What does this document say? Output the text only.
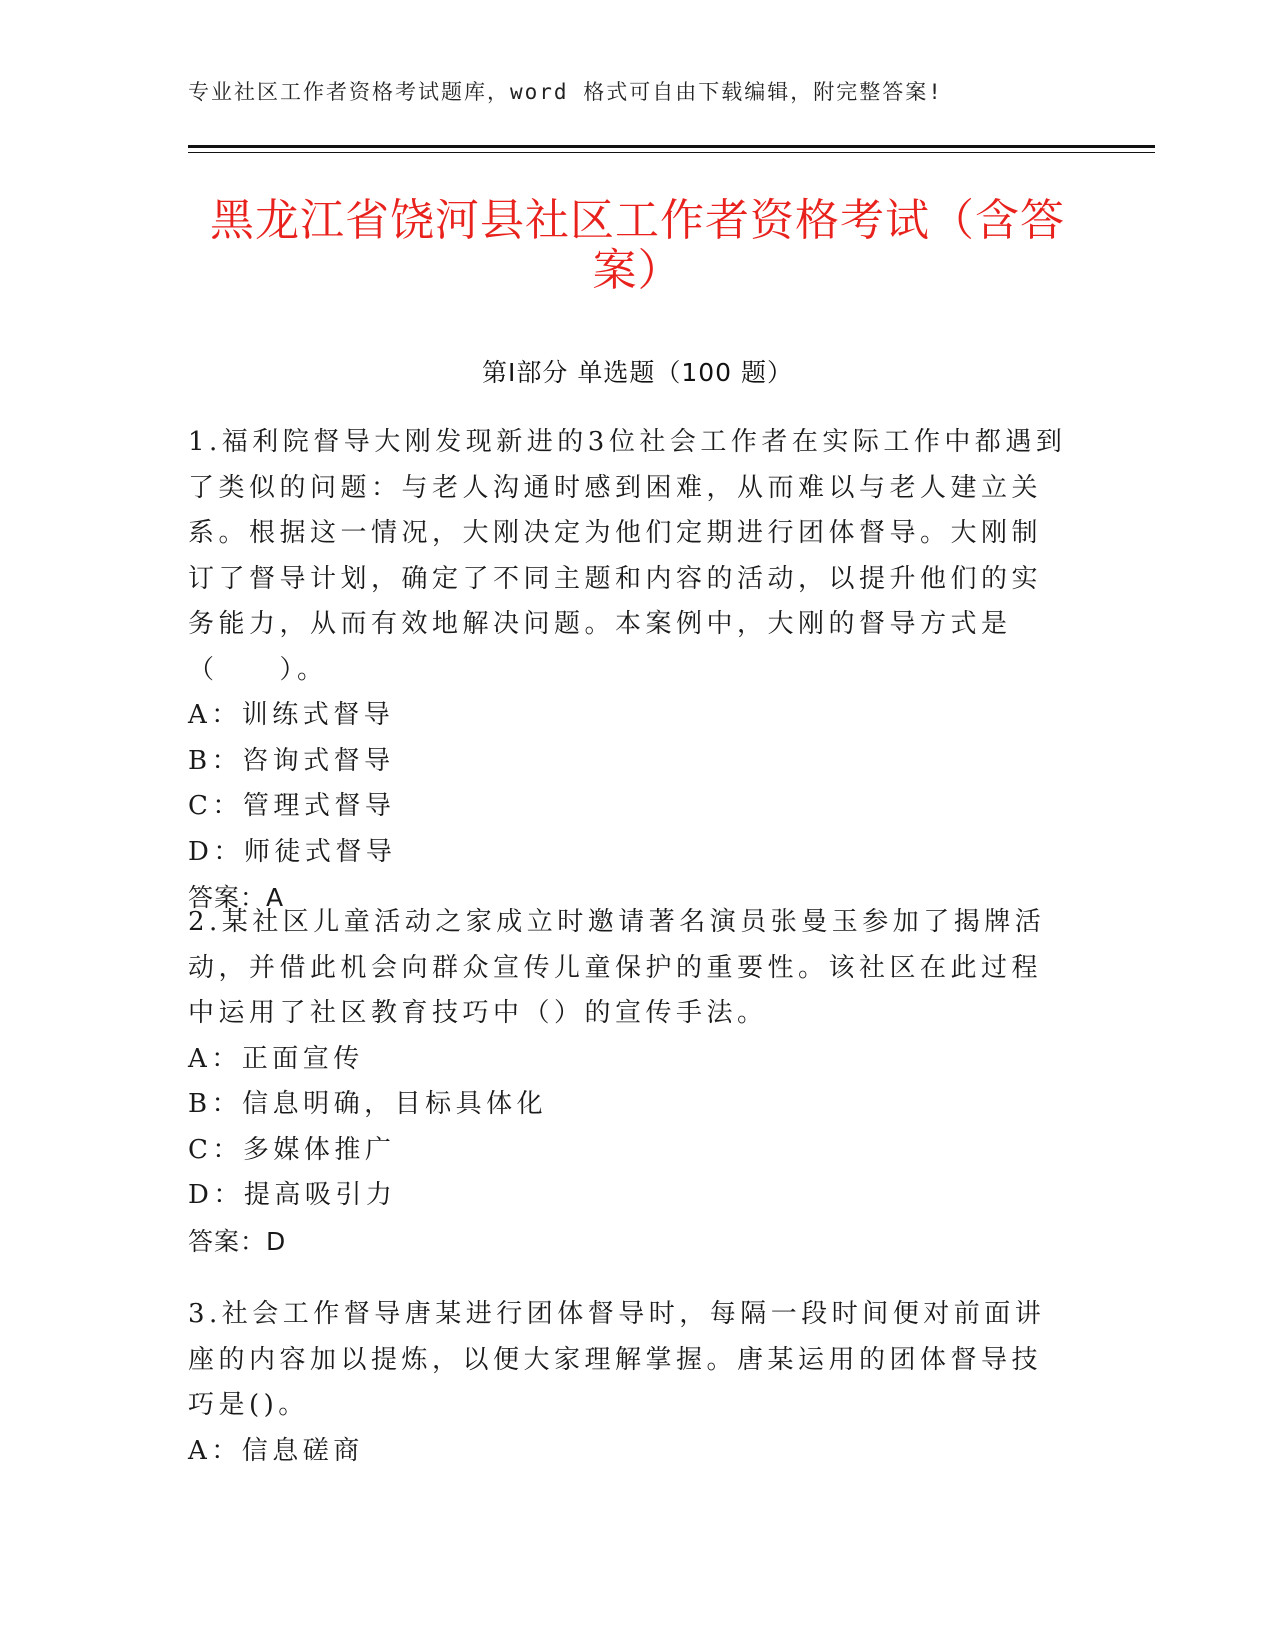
专业社区工作者资格考试题库，word 格式可自由下载编辑，附完整答案!
黑龙江省饶河县社区工作者资格考试（含答案）
第Ⅰ部分 单选题（100 题）

1.福利院督导大刚发现新进的3位社会工作者在实际工作中都遇到了类似的问题：与老人沟通时感到困难，从而难以与老人建立关系。根据这一情况，大刚决定为他们定期进行团体督导。大刚制订了督导计划，确定了不同主题和内容的活动，以提升他们的实务能力，从而有效地解决问题。本案例中，大刚的督导方式是（　　）。

A：训练式督导

B：咨询式督导

C：管理式督导

D：师徒式督导

答案：A

2.某社区儿童活动之家成立时邀请著名演员张曼玉参加了揭牌活动，并借此机会向群众宣传儿童保护的重要性。该社区在此过程中运用了社区教育技巧中（）的宣传手法。

A：正面宣传

B：信息明确，目标具体化

C：多媒体推广

D：提高吸引力

答案：D

3.社会工作督导唐某进行团体督导时，每隔一段时间便对前面讲座的内容加以提炼，以便大家理解掌握。唐某运用的团体督导技巧是()。

A：信息磋商
